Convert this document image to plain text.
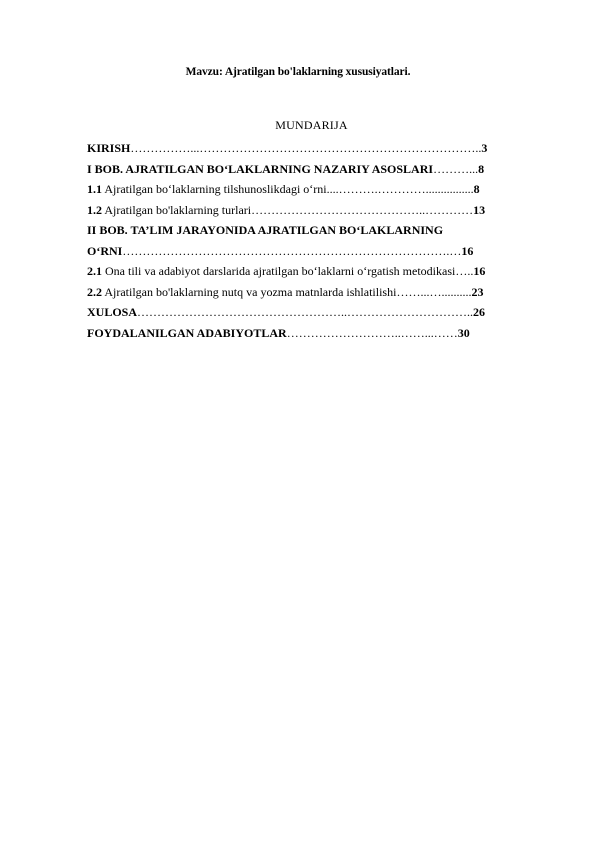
Mavzu: Ajratilgan bo'laklarning xususiyatlari.
MUNDARIJA
KIRISH……………...……………………………………………………………..3
I BOB. AJRATILGAN BO‘LAKLARNING NAZARIY ASOSLARI………...8
1.1 Ajratilgan bo‘laklarning tilshunoslikdagi o‘rni....……….…………................8
1.2 Ajratilgan bo'laklarning turlari……………………………………..…………13
II BOB. TA’LIM JARAYONIDA AJRATILGAN BO‘LAKLARNING
O‘RNI……………………………………………………………………….…16
2.1 Ona tili va adabiyot darslarida ajratilgan bo‘laklarni o‘rgatish metodikasi…..16
2.2 Ajratilgan bo'laklarning nutq va yozma matnlarda ishlatilishi……...…..........23
XULOSA……………………………………………..…………………………..26
FOYDALANILGAN ADABIYOTLAR………………………..……...……30
